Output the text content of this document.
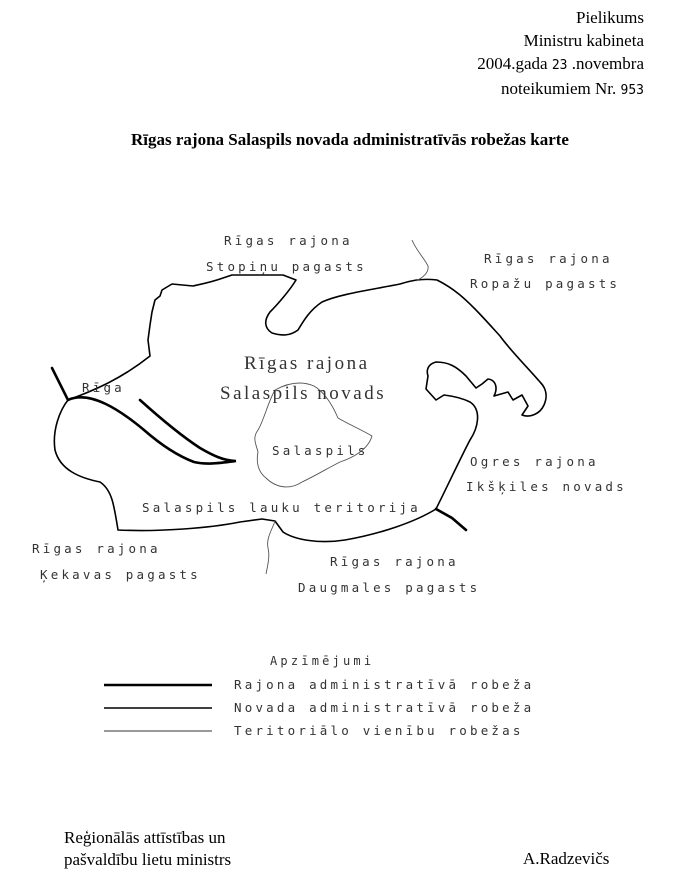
Pielikums
Ministru kabineta
2004.gada 23 .novembra
noteikumiem Nr. 953
Rīgas rajona Salaspils novada administratīvās robežas karte
Rīgas rajona
Stopiņu pagasts
Rīgas rajona
Ropažu pagasts
Rīga
Rīgas rajona
Salaspils novads
Salaspils
Ogres rajona
Ikšķiles novads
Salaspils lauku teritorija
Rīgas rajona
Ķekavas pagasts
Rīgas rajona
Daugmales pagasts
Apzīmējumi
Rajona administratīvā robeža
Novada administratīvā robeža
Teritoriālo vienību robežas
Reģionālās attīstības un
pašvaldību lietu ministrs	A.Radzevičs
